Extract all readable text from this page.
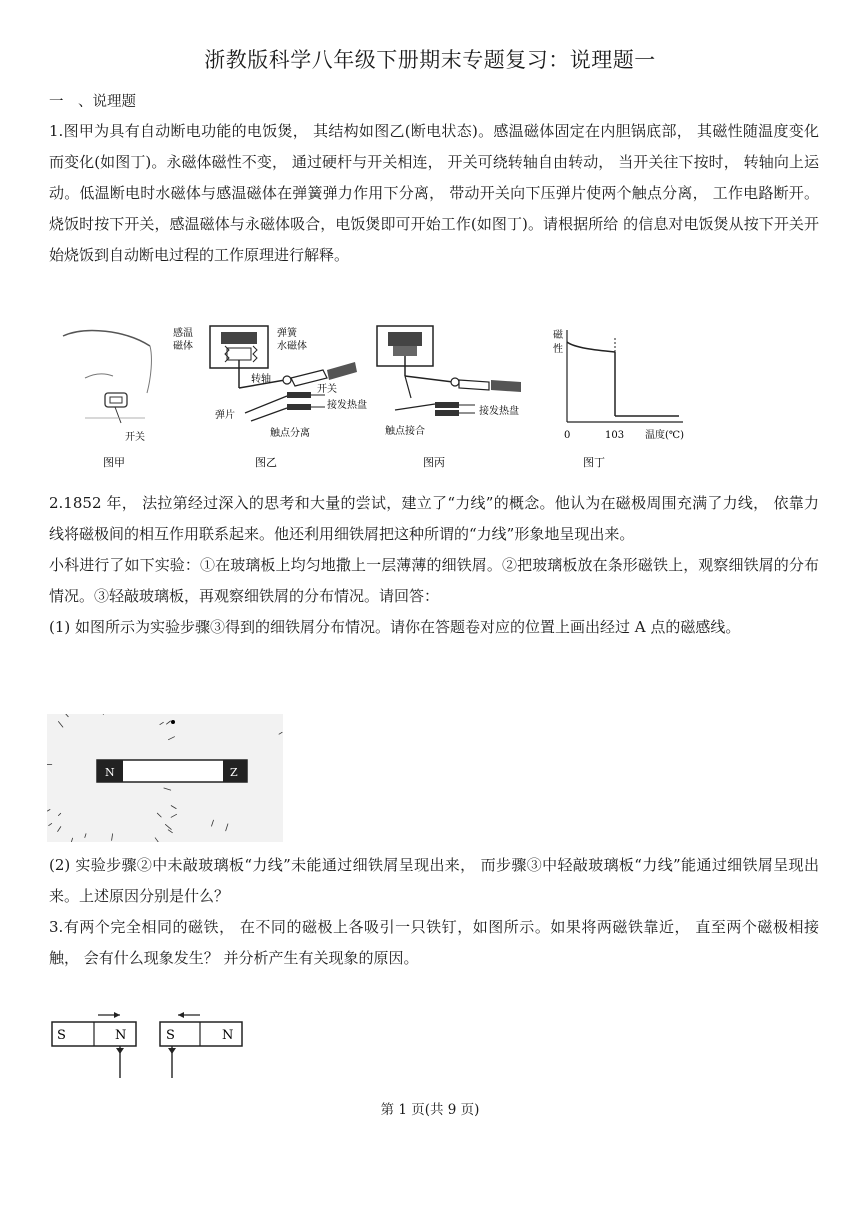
浙教版科学八年级下册期末专题复习：说理题一
一　、说理题

1.图甲为具有自动断电功能的电饭煲， 其结构如图乙(断电状态)。感温磁体固定在内胆锅底部， 其磁性随温度变化而变化(如图丁)。永磁体磁性不变， 通过硬杆与开关相连， 开关可绕转轴自由转动， 当开关往下按时， 转轴向上运动。低温断电时水磁体与感温磁体在弹簧弹力作用下分离， 带动开关向下压弹片使两个触点分离， 工作电路断开。烧饭时按下开关，感温磁体与永磁体吸合，电饭煲即可开始工作(如图丁)。请根据所给 的信息对电饭煲从按下开关开始烧饭到自动断电过程的工作原理进行解释。

开关
图甲
感温
磁体
弹簧
水磁体
转轴
开关
接发热盘
弹片
触点分离
图乙
接发热盘
触点接合
图丙
磁
性
0	103 温度(℃)
图丁

2.1852 年， 法拉第经过深入的思考和大量的尝试，建立了“力线”的概念。他认为在磁极周围充满了力线， 依靠力线将磁极间的相互作用联系起来。他还利用细铁屑把这种所谓的“力线”形象地呈现出来。

小科进行了如下实验：①在玻璃板上均匀地撒上一层薄薄的细铁屑。②把玻璃板放在条形磁铁上，观察细铁屑的分布情况。③轻敲玻璃板，再观察细铁屑的分布情况。请回答：

(1) 如图所示为实验步骤③得到的细铁屑分布情况。请你在答题卷对应的位置上画出经过 A 点的磁感线。

N	Z

(2) 实验步骤②中未敲玻璃板“力线”未能通过细铁屑呈现出来， 而步骤③中轻敲玻璃板“力线”能通过细铁屑呈现出来。上述原因分别是什么？

3.有两个完全相同的磁铁， 在不同的磁极上各吸引一只铁钉，如图所示。如果将两磁铁靠近， 直至两个磁极相接触， 会有什么现象发生？ 并分析产生有关现象的原因。

S	N	S	N
第 1 页(共 9 页)
